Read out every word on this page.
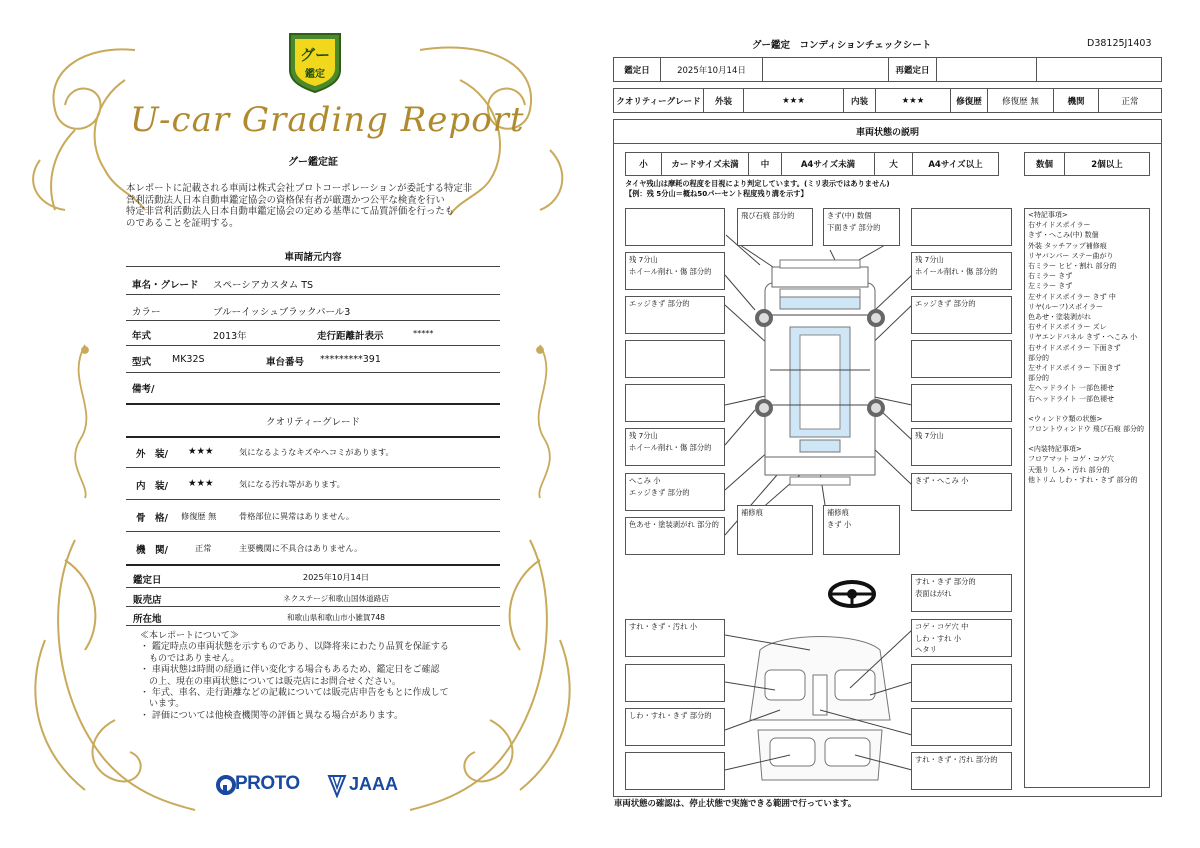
グー
鑑定
U-car Grading Report
グー鑑定証
本レポートに記載される車両は株式会社プロトコーポレーションが委託する特定非
営利活動法人日本自動車鑑定協会の資格保有者が厳選かつ公平な検査を行い
特定非営利活動法人日本自動車鑑定協会の定める基準にて品質評価を行ったも
のであることを証明する。
車両諸元内容
車名・グレード スペーシアカスタム TS
カラー	ブルーイッシュブラックパール3
年式	2013年	走行距離計表示	*****
型式 MK32S	車台番号 *********391
備考/
クオリティーグレード
外　装/ ★★★	気になるようなキズやヘコミがあります。
内　装/ ★★★	気になる汚れ等があります。
骨　格/ 修復歴 無	骨格部位に異常はありません。
機　関/	正常	主要機関に不具合はありません。
鑑定日	2025年10月14日
販売店	ネクステージ和歌山国体道路店
所在地	和歌山県和歌山市小雑賀748
≪本レポートについて≫
・ 鑑定時点の車両状態を示すものであり、以降将来にわたり品質を保証する
　ものではありません。
・ 車両状態は時間の経過に伴い変化する場合もあるため、鑑定日をご確認
　の上、現在の車両状態については販売店にお問合せください。
・ 年式、車名、走行距離などの記載については販売店申告をもとに作成して
　います。
・ 評価については他検査機関等の評価と異なる場合があります。
PROTO	JAAA
グー鑑定　コンディションチェックシート	D38125J1403
鑑定日	2025年10月14日	再鑑定日
クオリティーグレード	外装	★★★	内装	★★★	修復歴	修復歴 無	機関	正常
車両状態の説明
小	カードサイズ未満	中	A4サイズ未満	大	A4サイズ以上	数個	2個以上
タイヤ残山は摩耗の程度を目視により判定しています。(ミリ表示ではありません)
【例：残 5分山＝概ね50パーセント程度残り溝を示す】
飛び石痕 部分的	きず(中) 数個
下面きず 部分的
残 7分山
ホイール削れ・傷 部分的
残 7分山
ホイール削れ・傷 部分的
エッジきず 部分的	エッジきず 部分的
残 7分山
ホイール削れ・傷 部分的
残 7分山
へこみ 小
エッジきず 部分的
きず・へこみ 小
色あせ・塗装剥がれ 部分的
補修痕	補修痕
きず 小
<特記事項>
右サイドスポイラー
きず・へこみ(中) 数個
外装 タッチアップ補修痕
リヤバンパー ステー曲がり
右ミラー ヒビ・割れ 部分的
右ミラー きず
左ミラー きず
左サイドスポイラー きず 中
リヤ(ルーフ)スポイラー
色あせ・塗装剥がれ
右サイドスポイラー ズレ
リヤエンドパネル きず・へこみ 小
右サイドスポイラー 下面きず
部分的
左サイドスポイラー 下面きず
部分的
左ヘッドライト 一部色褪せ
右ヘッドライト 一部色褪せ
<ウィンドウ類の状態>
フロントウィンドウ 飛び石痕 部分的
<内装特記事項>
フロアマット コゲ・コゲ穴
天張り しみ・汚れ 部分的
他トリム しわ・すれ・きず 部分的
すれ・きず 部分的
表面はがれ
すれ・きず・汚れ 小	コゲ・コゲ穴 中
しわ・すれ 小
ヘタリ
しわ・すれ・きず 部分的
すれ・きず・汚れ 部分的
車両状態の確認は、停止状態で実施できる範囲で行っています。
